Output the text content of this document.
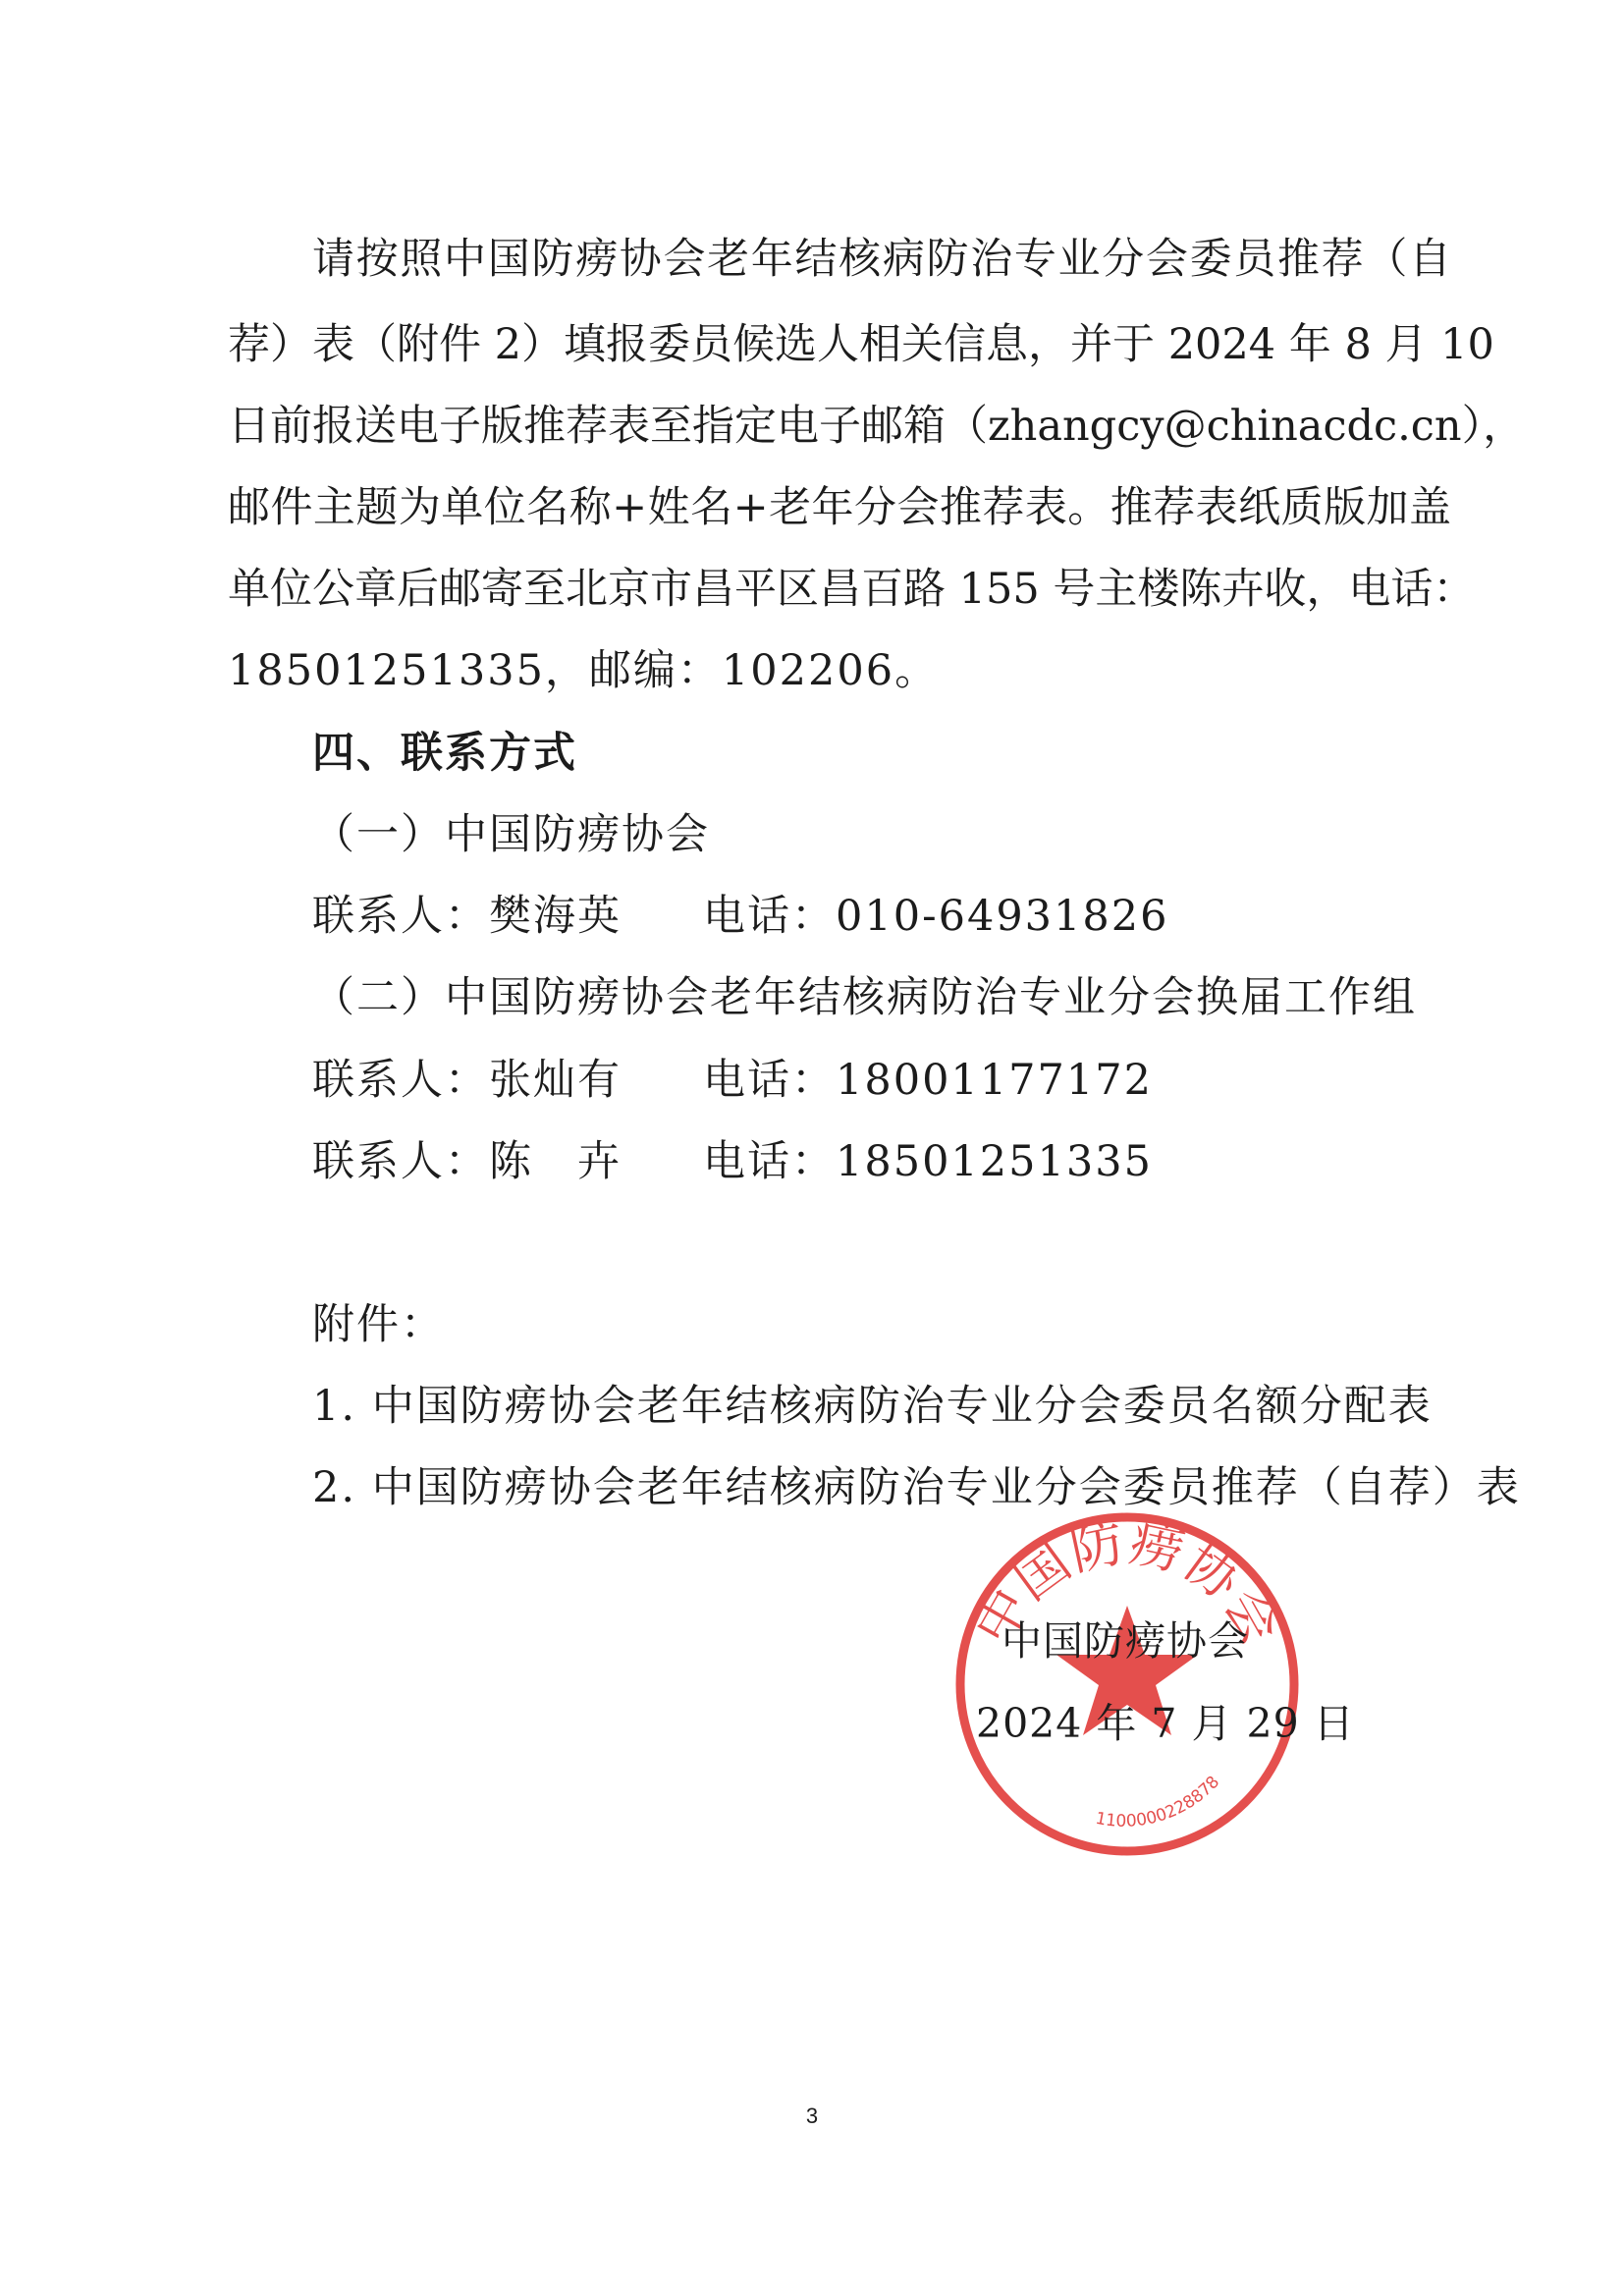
请按照中国防痨协会老年结核病防治专业分会委员推荐（自
荐）表（附件 2）填报委员候选人相关信息，并于 2024 年 8 月 10
日前报送电子版推荐表至指定电子邮箱（zhangcy@chinacdc.cn），
邮件主题为单位名称+姓名+老年分会推荐表。推荐表纸质版加盖
单位公章后邮寄至北京市昌平区昌百路 155 号主楼陈卉收，电话：
18501251335，邮编：102206。
四、联系方式
（一）中国防痨协会
联系人：樊海英 电话：010-64931826
（二）中国防痨协会老年结核病防治专业分会换届工作组
联系人：张灿有 电话：18001177172
联系人：陈　卉 电话：18501251335
附件：
1. 中国防痨协会老年结核病防治专业分会委员名额分配表
2. 中国防痨协会老年结核病防治专业分会委员推荐（自荐）表
中国防痨协会
1100000228878
中国防痨协会
2024 年 7 月 29 日
3
